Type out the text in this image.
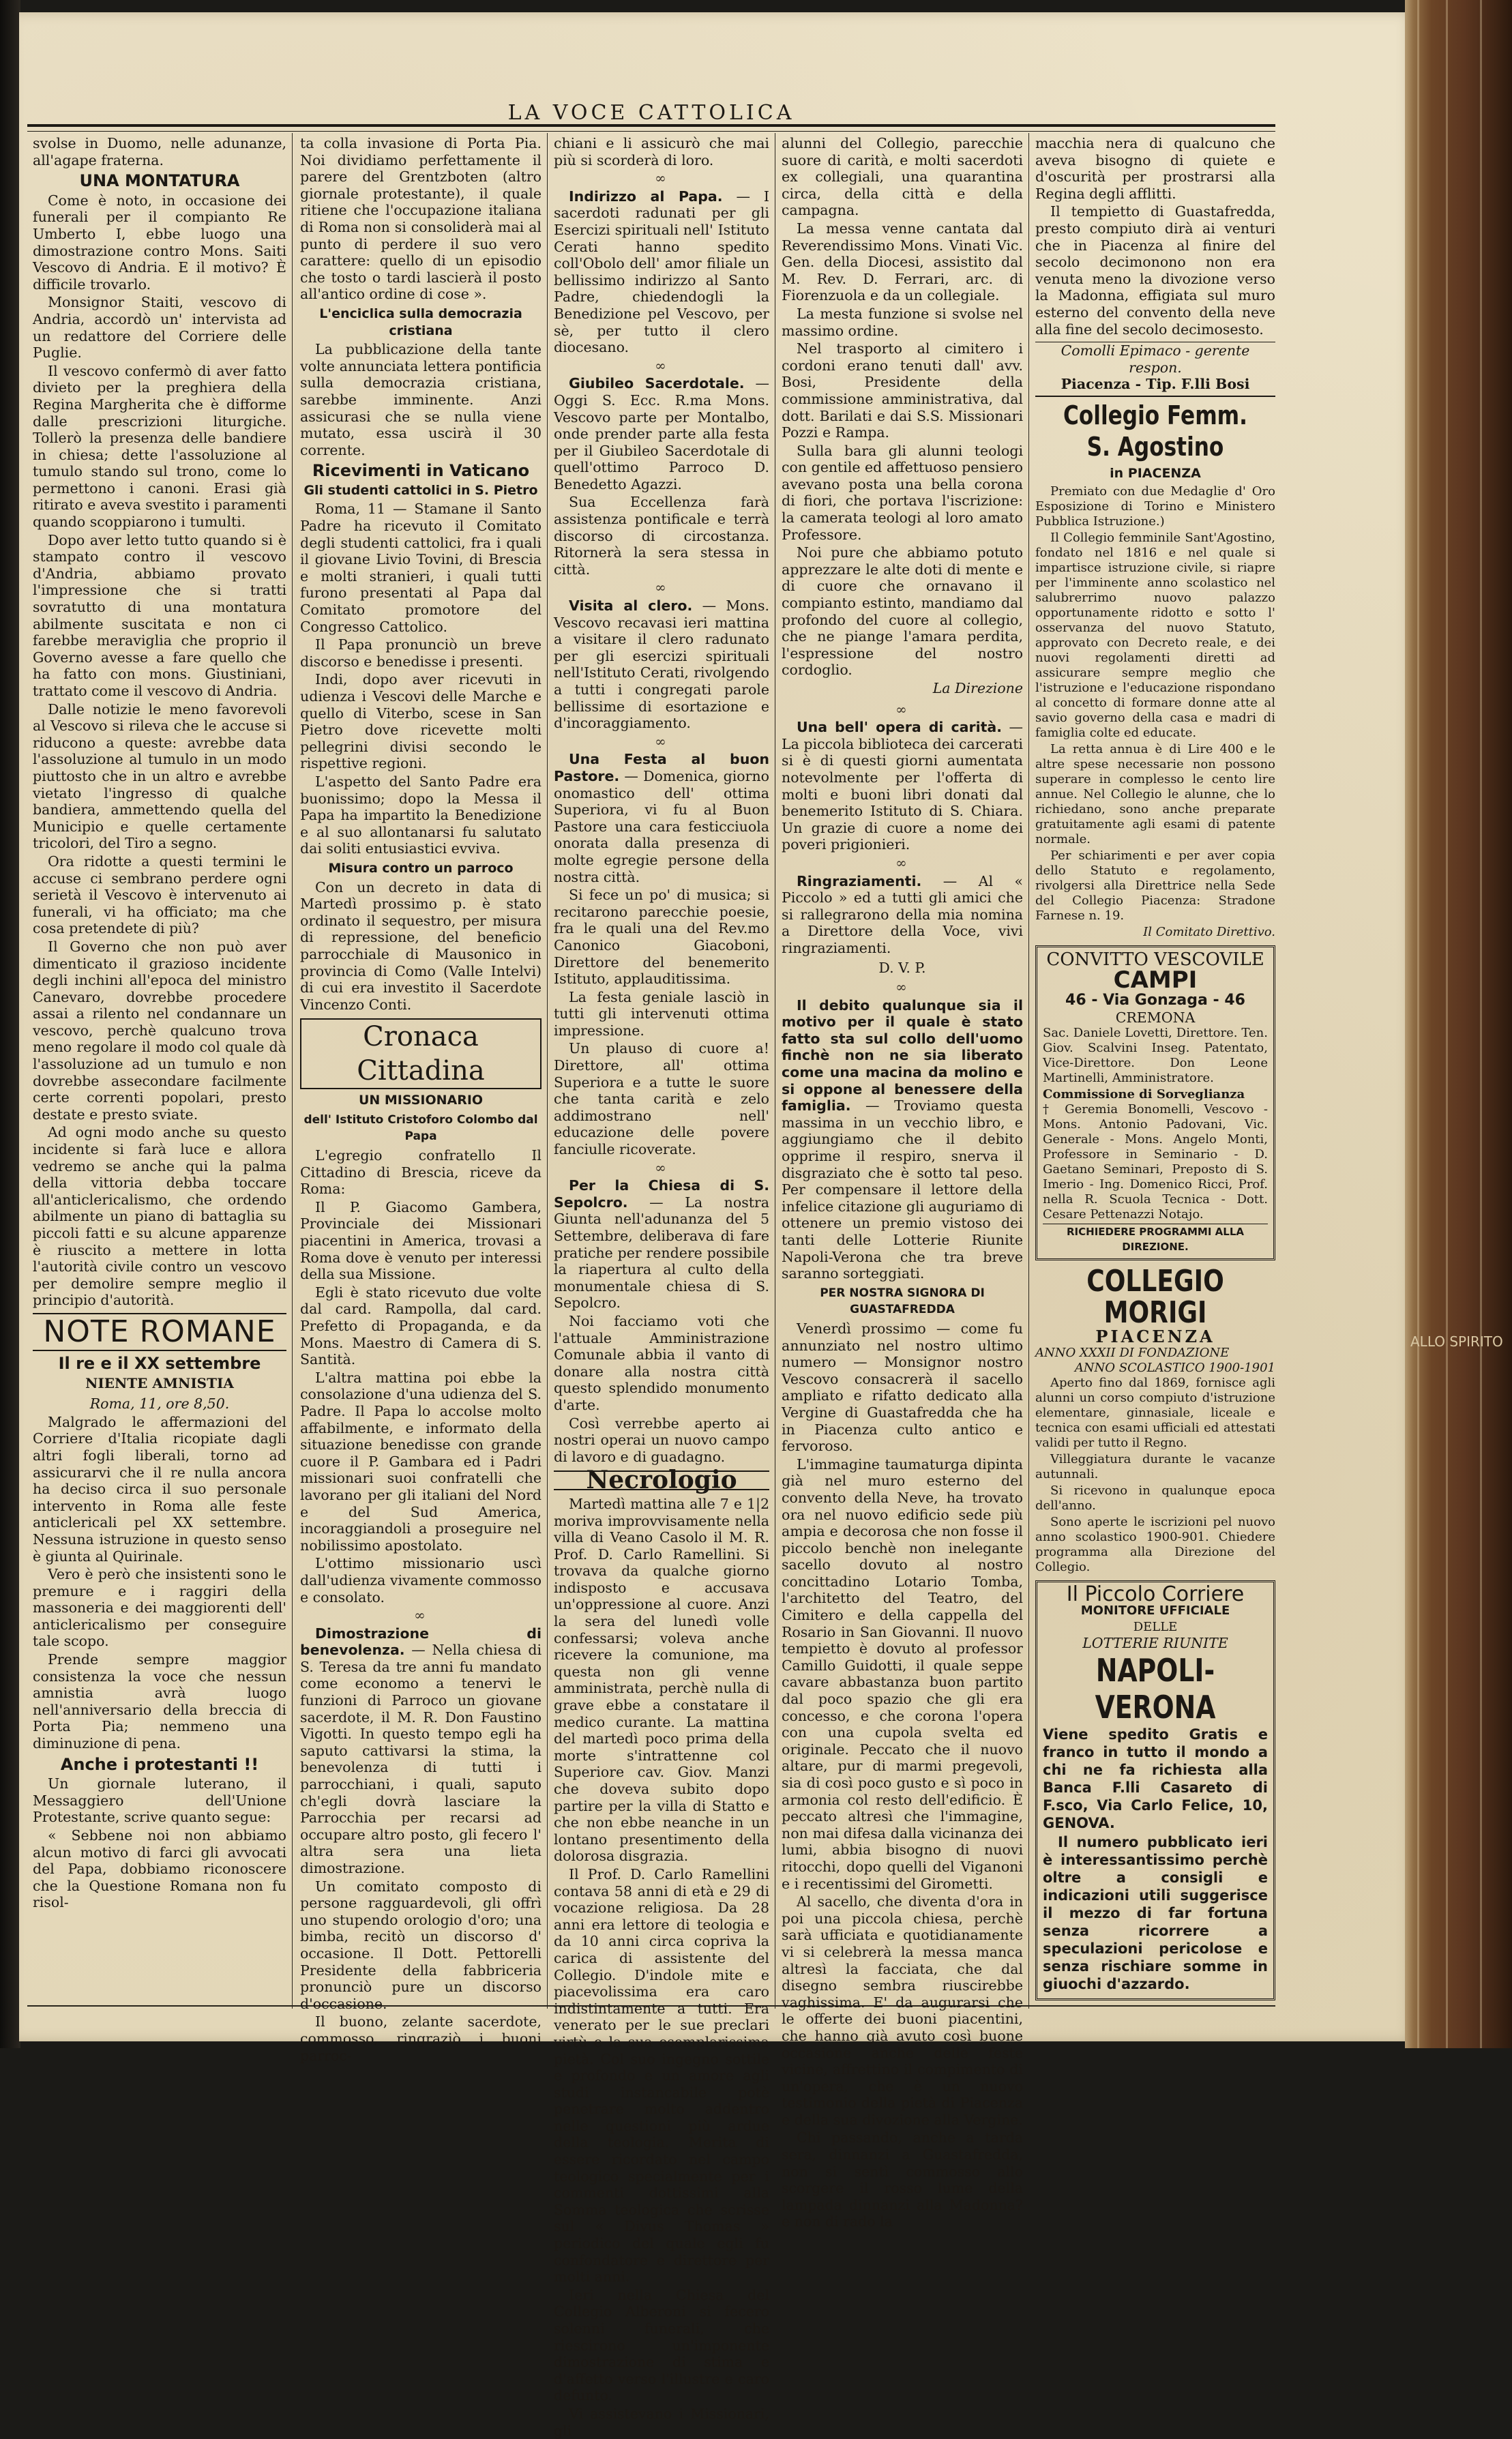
ALLO SPIRITO
LA VOCE CATTOLICA

svolse in Duomo, nelle adunanze, all'agape fraterna.

UNA MONTATURA

Come è noto, in occasione dei funerali per il compianto Re Umberto I, ebbe luogo una dimostrazione contro Mons. Saiti Vescovo di Andria. E il motivo? È difficile trovarlo.

Monsignor Staiti, vescovo di Andria, accordò un' intervista ad un redattore del Corriere delle Puglie.

Il vescovo confermò di aver fatto divieto per la preghiera della Regina Margherita che è difforme dalle prescrizioni liturgiche. Tollerò la presenza delle bandiere in chiesa; dette l'assoluzione al tumulo stando sul trono, come lo permettono i canoni. Erasi già ritirato e aveva svestito i paramenti quando scoppiarono i tumulti.

Dopo aver letto tutto quando si è stampato contro il vescovo d'Andria, abbiamo provato l'impressione che si tratti sovratutto di una montatura abilmente suscitata e non ci farebbe meraviglia che proprio il Governo avesse a fare quello che ha fatto con mons. Giustiniani, trattato come il vescovo di Andria.

Dalle notizie le meno favorevoli al Vescovo si rileva che le accuse si riducono a queste: avrebbe data l'assoluzione al tumulo in un modo piuttosto che in un altro e avrebbe vietato l'ingresso di qualche bandiera, ammettendo quella del Municipio e quelle certamente tricolori, del Tiro a segno.

Ora ridotte a questi termini le accuse ci sembrano perdere ogni serietà il Vescovo è intervenuto ai funerali, vi ha officiato; ma che cosa pretendete di più?

Il Governo che non può aver dimenticato il grazioso incidente degli inchini all'epoca del ministro Canevaro, dovrebbe procedere assai a rilento nel condannare un vescovo, perchè qualcuno trova meno regolare il modo col quale dà l'assoluzione ad un tumulo e non dovrebbe assecondare facilmente certe correnti popolari, presto destate e presto sviate.

Ad ogni modo anche su questo incidente si farà luce e allora vedremo se anche qui la palma della vittoria debba toccare all'anticlericalismo, che ordendo abilmente un piano di battaglia su piccoli fatti e su alcune apparenze è riuscito a mettere in lotta l'autorità civile contro un vescovo per demolire sempre meglio il principio d'autorità.

NOTE ROMANE
Il re e il XX settembre
NIENTE AMNISTIA

Roma, 11, ore 8,50.

Malgrado le affermazioni del Corriere d'Italia ricopiate dagli altri fogli liberali, torno ad assicurarvi che il re nulla ancora ha deciso circa il suo personale intervento in Roma alle feste anticlericali pel XX settembre. Nessuna istruzione in questo senso è giunta al Quirinale.

Vero è però che insistenti sono le premure e i raggiri della massoneria e dei maggiorenti dell' anticlericalismo per conseguire tale scopo.

Prende sempre maggior consistenza la voce che nessun amnistia avrà luogo nell'anniversario della breccia di Porta Pia; nemmeno una diminuzione di pena.

Anche i protestanti !!

Un giornale luterano, il Messaggiero dell'Unione Protestante, scrive quanto segue:

« Sebbene noi non abbiamo alcun motivo di farci gli avvocati del Papa, dobbiamo riconoscere che la Questione Romana non fu risol-

ta colla invasione di Porta Pia. Noi dividiamo perfettamente il parere del Grentzboten (altro giornale protestante), il quale ritiene che l'occupazione italiana di Roma non si consoliderà mai al punto di perdere il suo vero carattere: quello di un episodio che tosto o tardi lascierà il posto all'antico ordine di cose ».

L'enciclica sulla democrazia cristiana

La pubblicazione della tante volte annunciata lettera pontificia sulla democrazia cristiana, sarebbe imminente. Anzi assicurasi che se nulla viene mutato, essa uscirà il 30 corrente.

Ricevimenti in Vaticano
Gli studenti cattolici in S. Pietro

Roma, 11 — Stamane il Santo Padre ha ricevuto il Comitato degli studenti cattolici, fra i quali il giovane Livio Tovini, di Brescia e molti stranieri, i quali tutti furono presentati al Papa dal Comitato promotore del Congresso Cattolico.

Il Papa pronunciò un breve discorso e benedisse i presenti.

Indi, dopo aver ricevuti in udienza i Vescovi delle Marche e quello di Viterbo, scese in San Pietro dove ricevette molti pellegrini divisi secondo le rispettive regioni.

L'aspetto del Santo Padre era buonissimo; dopo la Messa il Papa ha impartito la Benedizione e al suo allontanarsi fu salutato dai soliti entusiastici evviva.

Misura contro un parroco

Con un decreto in data di Martedì prossimo p. è stato ordinato il sequestro, per misura di repressione, del beneficio parrocchiale di Mausonico in provincia di Como (Valle Intelvi) di cui era investito il Sacerdote Vincenzo Conti.

Cronaca Cittadina
UN MISSIONARIO
dell' Istituto Cristoforo Colombo dal Papa

L'egregio confratello Il Cittadino di Brescia, riceve da Roma:

Il P. Giacomo Gambera, Provinciale dei Missionari piacentini in America, trovasi a Roma dove è venuto per interessi della sua Missione.

Egli è stato ricevuto due volte dal card. Rampolla, dal card. Prefetto di Propaganda, e da Mons. Maestro di Camera di S. Santità.

L'altra mattina poi ebbe la consolazione d'una udienza del S. Padre. Il Papa lo accolse molto affabilmente, e informato della situazione benedisse con grande cuore il P. Gambara ed i Padri missionari suoi confratelli che lavorano per gli italiani del Nord e del Sud America, incoraggiandoli a proseguire nel nobilissimo apostolato.

L'ottimo missionario uscì dall'udienza vivamente commosso e consolato.

∞

Dimostrazione di benevolenza. — Nella chiesa di S. Teresa da tre anni fu mandato come economo a tenervi le funzioni di Parroco un giovane sacerdote, il M. R. Don Faustino Vigotti. In questo tempo egli ha saputo cattivarsi la stima, la benevolenza di tutti i parrocchiani, i quali, saputo ch'egli dovrà lasciare la Parrocchia per recarsi ad occupare altro posto, gli fecero l' altra sera una lieta dimostrazione.

Un comitato composto di persone ragguardevoli, gli offrì uno stupendo orologio d'oro; una bimba, recitò un discorso d' occasione. Il Dott. Pettorelli Presidente della fabbriceria pronunciò pure un discorso d'occasione.

Il buono, zelante sacerdote, commosso, ringraziò i buoni parroc-

chiani e li assicurò che mai più si scorderà di loro.

∞

Indirizzo al Papa. — I sacerdoti radunati per gli Esercizi spirituali nell' Istituto Cerati hanno spedito coll'Obolo dell' amor filiale un bellissimo indirizzo al Santo Padre, chiedendogli la Benedizione pel Vescovo, per sè, per tutto il clero diocesano.

∞

Giubileo Sacerdotale. — Oggi S. Ecc. R.ma Mons. Vescovo parte per Montalbo, onde prender parte alla festa per il Giubileo Sacerdotale di quell'ottimo Parroco D. Benedetto Agazzi.

Sua Eccellenza farà assistenza pontificale e terrà discorso di circostanza. Ritornerà la sera stessa in città.

∞

Visita al clero. — Mons. Vescovo recavasi ieri mattina a visitare il clero radunato per gli esercizi spirituali nell'Istituto Cerati, rivolgendo a tutti i congregati parole bellissime di esortazione e d'incoraggiamento.

∞

Una Festa al buon Pastore. — Domenica, giorno onomastico dell' ottima Superiora, vi fu al Buon Pastore una cara festicciuola onorata dalla presenza di molte egregie persone della nostra città.

Si fece un po' di musica; si recitarono parecchie poesie, fra le quali una del Rev.mo Canonico Giacoboni, Direttore del benemerito Istituto, applauditissima.

La festa geniale lasciò in tutti gli intervenuti ottima impressione.

Un plauso di cuore a! Direttore, all' ottima Superiora e a tutte le suore che tanta carità e zelo addimostrano nell' educazione delle povere fanciulle ricoverate.

∞

Per la Chiesa di S. Sepolcro. — La nostra Giunta nell'adunanza del 5 Settembre, deliberava di fare pratiche per rendere possibile la riapertura al culto della monumentale chiesa di S. Sepolcro.

Noi facciamo voti che l'attuale Amministrazione Comunale abbia il vanto di donare alla nostra città questo splendido monumento d'arte.

Così verrebbe aperto ai nostri operai un nuovo campo di lavoro e di guadagno.

Necrologio

Martedì mattina alle 7 e 1|2 moriva improvvisamente nella villa di Veano Casolo il M. R. Prof. D. Carlo Ramellini. Si trovava da qualche giorno indisposto e accusava un'oppressione al cuore. Anzi la sera del lunedì volle confessarsi; voleva anche ricevere la comunione, ma questa non gli venne amministrata, perchè nulla di grave ebbe a constatare il medico curante. La mattina del martedì poco prima della morte s'intrattenne col Superiore cav. Giov. Manzi che doveva subito dopo partire per la villa di Statto e che non ebbe neanche in un lontano presentimento della dolorosa disgrazia.

Il Prof. D. Carlo Ramellini contava 58 anni di età e 29 di vocazione religiosa. Da 28 anni era lettore di teologia e da 10 anni circa copriva la carica di assistente del Collegio. D'indole mite e piacevolissima era caro indistintamente a tutti. Era venerato per le sue preclari virtù e la sua esemplarissima pietà. Col suo ingegno sottile e profondo e un amore agli studi instancabile potè penetrare molto addentro nelle questioni più ardue della teologia. Merita di essere ricordato nel campo teologico specialmente per i commenti dottissimi alla Somma teologica che scrisse sul « Divus Thomas » periodico del quale egli fu confondatore e direttore per molti anni.

Ieri nella Chiesa del Collegio Alberoni si fecero solenni funerali, che riescirono un'imponente dimostrazione di stima e d'affetto verso l'illustre e caro defunto.

Vi assistevano i Missionari, gli

alunni del Collegio, parecchie suore di carità, e molti sacerdoti ex collegiali, una quarantina circa, della città e della campagna.

La messa venne cantata dal Reverendissimo Mons. Vinati Vic. Gen. della Diocesi, assistito dal M. Rev. D. Ferrari, arc. di Fiorenzuola e da un collegiale.

La mesta funzione si svolse nel massimo ordine.

Nel trasporto al cimitero i cordoni erano tenuti dall' avv. Bosi, Presidente della commissione amministrativa, dal dott. Barilati e dai S.S. Missionari Pozzi e Rampa.

Sulla bara gli alunni teologi con gentile ed affettuoso pensiero avevano posta una bella corona di fiori, che portava l'iscrizione: la camerata teologi al loro amato Professore.

Noi pure che abbiamo potuto apprezzare le alte doti di mente e di cuore che ornavano il compianto estinto, mandiamo dal profondo del cuore al collegio, che ne piange l'amara perdita, l'espressione del nostro cordoglio.

La Direzione
∞

Una bell' opera di carità. — La piccola biblioteca dei carcerati si è di questi giorni aumentata notevolmente per l'offerta di molti e buoni libri donati dal benemerito Istituto di S. Chiara. Un grazie di cuore a nome dei poveri prigionieri.

∞

Ringraziamenti. — Al « Piccolo » ed a tutti gli amici che si rallegrarono della mia nomina a Direttore della Voce, vivi ringraziamenti.

D. V. P.
∞

Il debito qualunque sia il motivo per il quale è stato fatto sta sul collo dell'uomo finchè non ne sia liberato come una macina da molino e si oppone al benessere della famiglia. — Troviamo questa massima in un vecchio libro, e aggiungiamo che il debito opprime il respiro, snerva il disgraziato che è sotto tal peso. Per compensare il lettore della infelice citazione gli auguriamo di ottenere un premio vistoso dei tanti delle Lotterie Riunite Napoli-Verona che tra breve saranno sorteggiati.

PER NOSTRA SIGNORA DI GUASTAFREDDA

Venerdì prossimo — come fu annunziato nel nostro ultimo numero — Monsignor nostro Vescovo consacrerà il sacello ampliato e rifatto dedicato alla Vergine di Guastafredda che ha in Piacenza culto antico e fervoroso.

L'immagine taumaturga dipinta già nel muro esterno del convento della Neve, ha trovato ora nel nuovo edificio sede più ampia e decorosa che non fosse il piccolo benchè non inelegante sacello dovuto al nostro concittadino Lotario Tomba, l'architetto del Teatro, del Cimitero e della cappella del Rosario in San Giovanni. Il nuovo tempietto è dovuto al professor Camillo Guidotti, il quale seppe cavare abbastanza buon partito dal poco spazio che gli era concesso, e che corona l'opera con una cupola svelta ed originale. Peccato che il nuovo altare, pur di marmi pregevoli, sia di così poco gusto e sì poco in armonia col resto dell'edificio. È peccato altresì che l'immagine, non mai difesa dalla vicinanza dei lumi, abbia bisogno di nuovi ritocchi, dopo quelli del Viganoni e i recentissimi del Girometti.

Al sacello, che diventa d'ora in poi una piccola chiesa, perchè sarà ufficiata e quotidianamente vi si celebrerà la messa manca altresì la facciata, che dal disegno sembra riuscirebbe vaghissima. E' da augurarsi che le offerte dei buoni piacentini, che hanno già avuto così buone occasione anche delle feste vicine, affrettino il compimento di un'opera, che è un nuovo testimonio della pietà di Piacenza e della sua divozione alla Vergine.

Chi passando, anche a tarda sera, dinnanzi a Guastafredda, non si sentì commosso allo scorgere il rosso lume della lampada dinnanzi alla Madonna? e non di rado la

macchia nera di qualcuno che aveva bisogno di quiete e d'oscurità per prostrarsi alla Regina degli afflitti.

Il tempietto di Guastafredda, presto compiuto dirà ai venturi che in Piacenza al finire del secolo decimonono non era venuta meno la divozione verso la Madonna, effigiata sul muro esterno del convento della neve alla fine del secolo decimosesto.

Comolli Epimaco - gerente respon.
Piacenza - Tip. F.lli Bosi
Collegio Femm. S. Agostino
in PIACENZA

Premiato con due Medaglie d' Oro Esposizione di Torino e Ministero Pubblica Istruzione.)

Il Collegio femminile Sant'Agostino, fondato nel 1816 e nel quale si impartisce istruzione civile, si riapre per l'imminente anno scolastico nel salubrerrimo nuovo palazzo opportunamente ridotto e sotto l' osservanza del nuovo Statuto, approvato con Decreto reale, e dei nuovi regolamenti diretti ad assicurare sempre meglio che l'istruzione e l'educazione rispondano al concetto di formare donne atte al savio governo della casa e madri di famiglia colte ed educate.

La retta annua è di Lire 400 e le altre spese necessarie non possono superare in complesso le cento lire annue. Nel Collegio le alunne, che lo richiedano, sono anche preparate gratuitamente agli esami di patente normale.

Per schiarimenti e per aver copia dello Statuto e regolamento, rivolgersi alla Direttrice nella Sede del Collegio Piacenza: Stradone Farnese n. 19.

Il Comitato Direttivo.
CONVITTO VESCOVILE
CAMPI
46 - Via Gonzaga - 46
CREMONA

Sac. Daniele Lovetti, Direttore. Ten. Giov. Scalvini Inseg. Patentato, Vice-Direttore. Don Leone Martinelli, Amministratore.

Commissione di Sorveglianza

† Geremia Bonomelli, Vescovo - Mons. Antonio Padovani, Vic. Generale - Mons. Angelo Monti, Professore in Seminario - D. Gaetano Seminari, Preposto di S. Imerio - Ing. Domenico Ricci, Prof. nella R. Scuola Tecnica - Dott. Cesare Pettenazzi Notajo.

RICHIEDERE PROGRAMMI ALLA DIREZIONE.
COLLEGIO MORIGI
PIACENZA
ANNO XXXII DI FONDAZIONE
ANNO SCOLASTICO 1900-1901

Aperto fino dal 1869, fornisce agli alunni un corso compiuto d'istruzione elementare, ginnasiale, liceale e tecnica con esami ufficiali ed attestati validi per tutto il Regno.

Villeggiatura durante le vacanze autunnali.

Si ricevono in qualunque epoca dell'anno.

Sono aperte le iscrizioni pel nuovo anno scolastico 1900-901. Chiedere programma alla Direzione del Collegio.

Il Piccolo Corriere
MONITORE UFFICIALE
DELLE
LOTTERIE RIUNITE
NAPOLI-VERONA

Viene spedito Gratis e franco in tutto il mondo a chi ne fa richiesta alla Banca F.lli Casareto di F.sco, Via Carlo Felice, 10, GENOVA.

Il numero pubblicato ieri è interessantissimo perchè oltre a consigli e indicazioni utili suggerisce il mezzo di far fortuna senza ricorrere a speculazioni pericolose e senza rischiare somme in giuochi d'azzardo.
